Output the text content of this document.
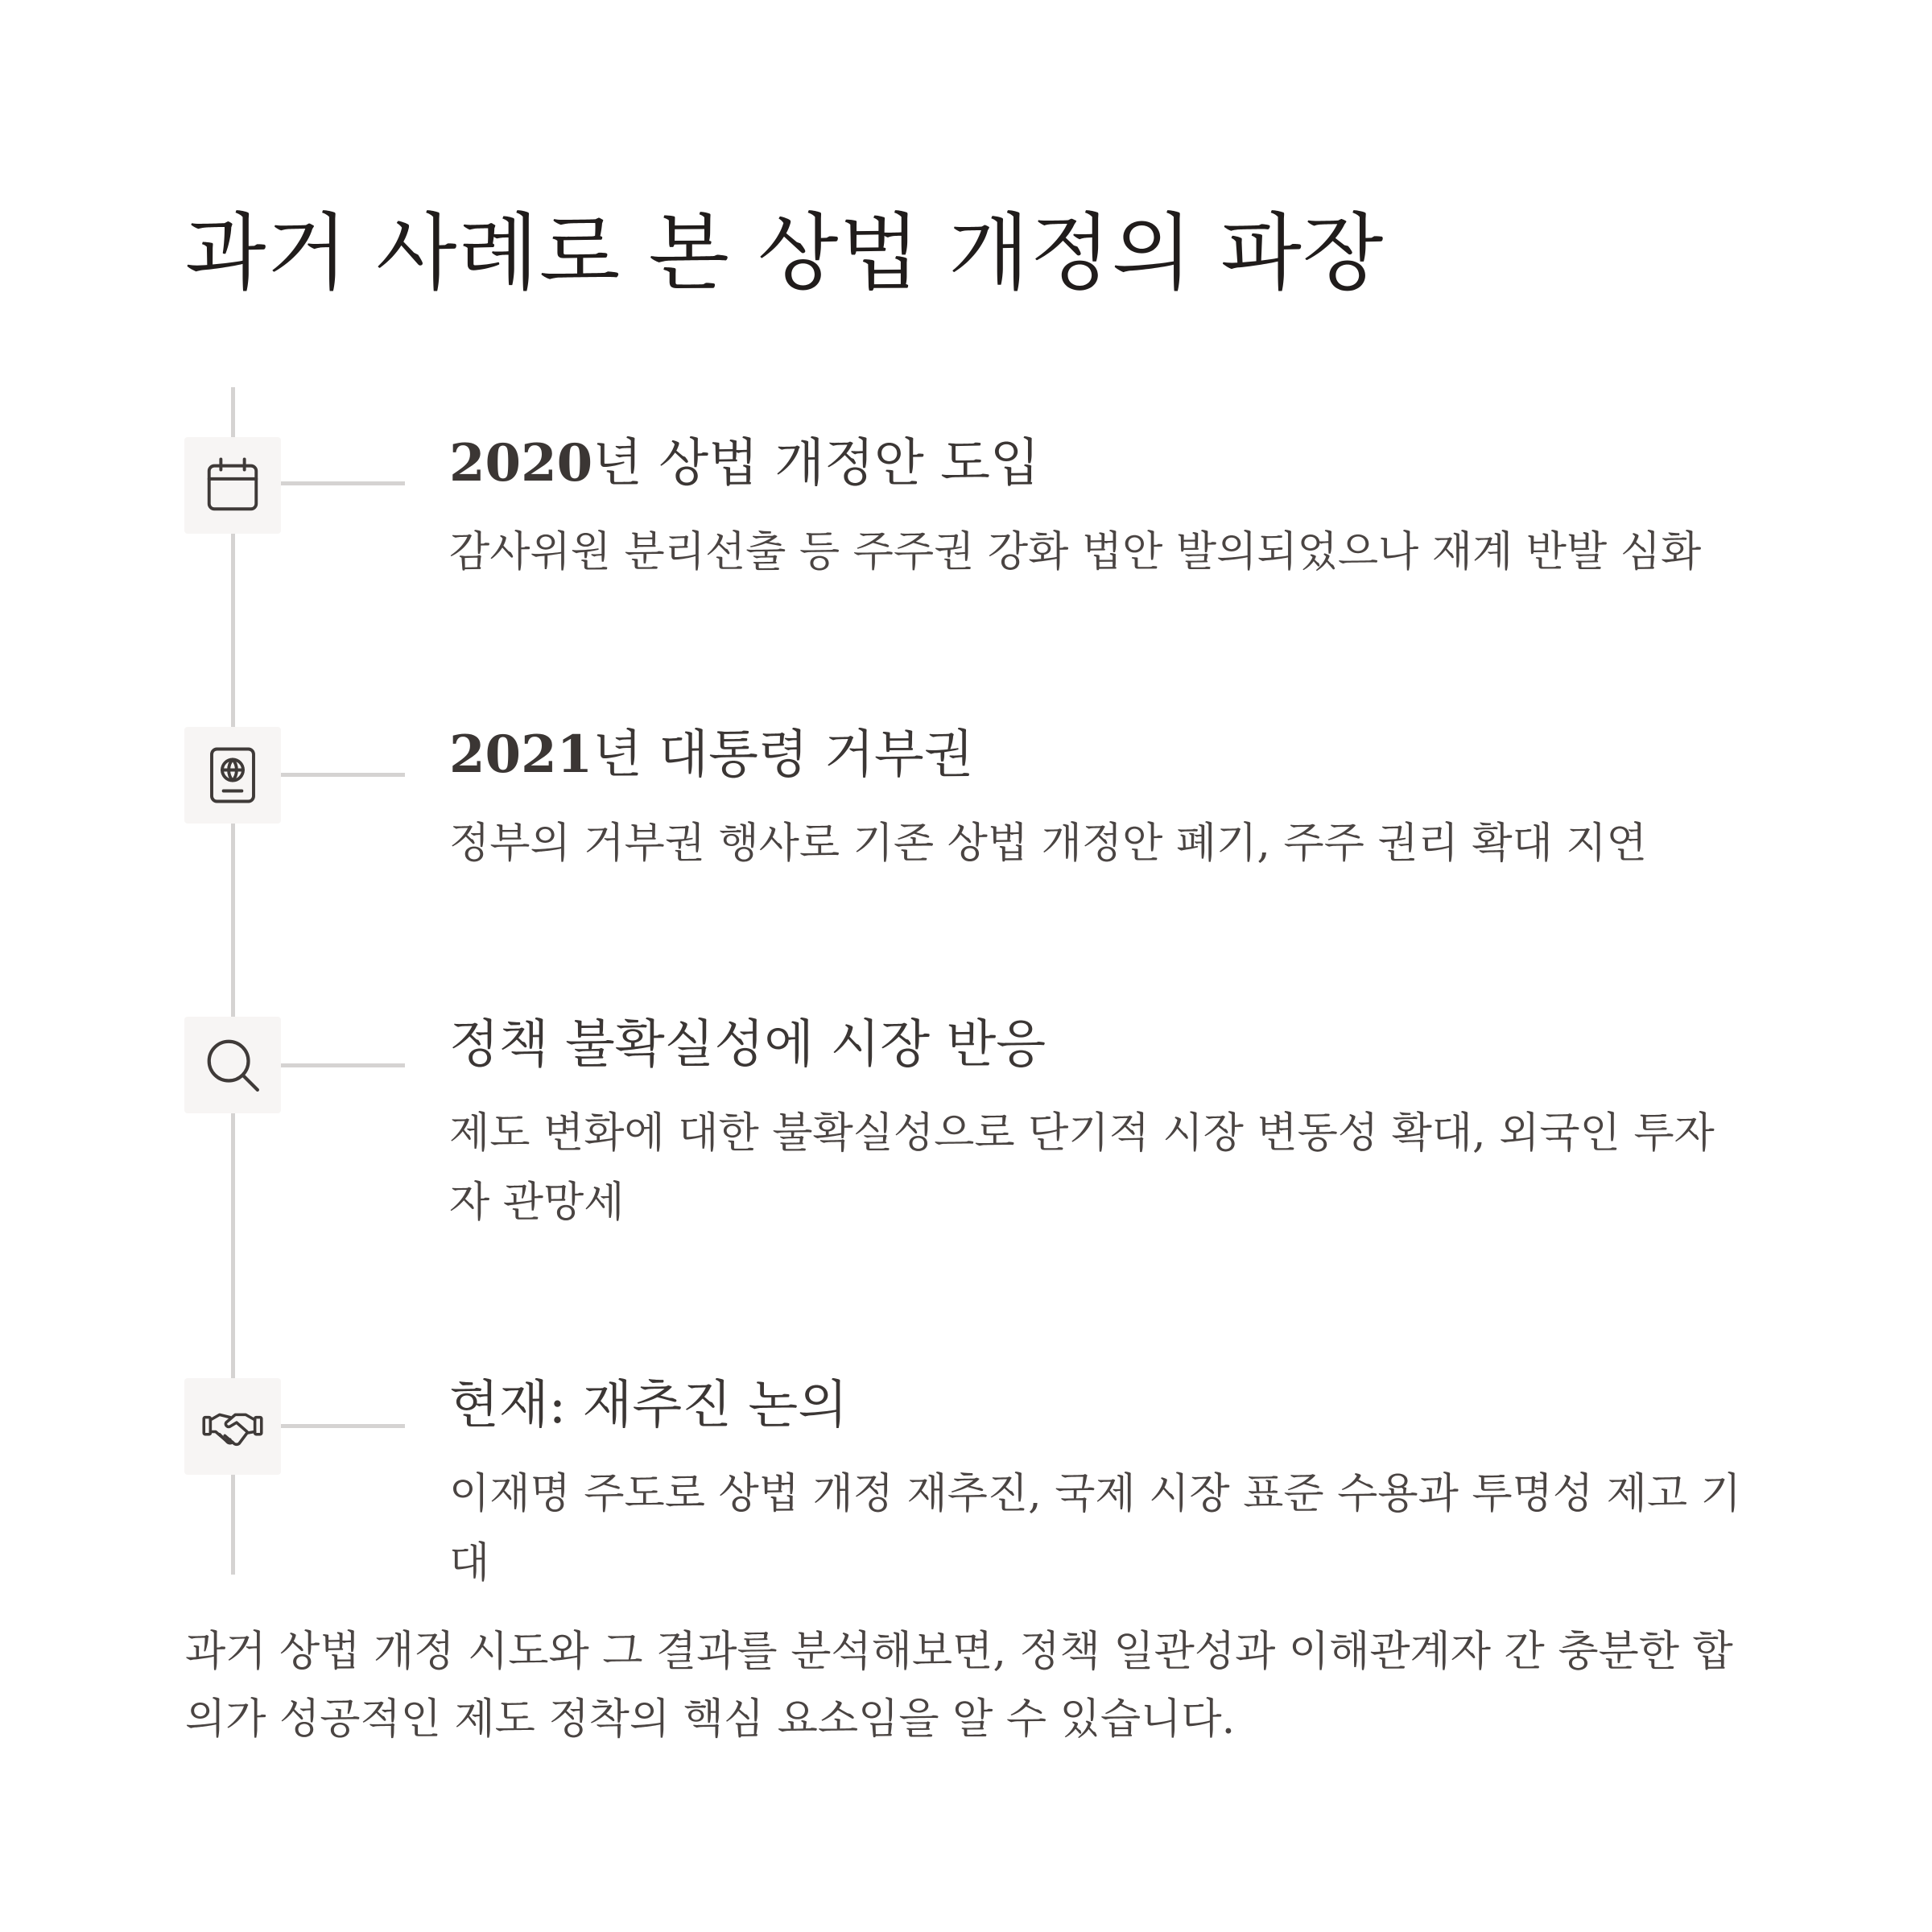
과거 사례로 본 상법 개정의 파장
2020년 상법 개정안 도입

감사위원 분리선출 등 주주권 강화 법안 발의되었으나 재계 반발 심화

2021년 대통령 거부권

정부의 거부권 행사로 기존 상법 개정안 폐기, 주주 권리 확대 지연

정책 불확실성에 시장 반응

제도 변화에 대한 불확실성으로 단기적 시장 변동성 확대, 외국인 투자자 관망세

현재: 재추진 논의

이재명 주도로 상법 개정 재추진, 국제 시장 표준 수용과 투명성 제고 기대

과거 상법 개정 시도와 그 결과를 분석해보면, 정책 일관성과 이해관계자 간 충분한 합의가 성공적인 제도 정착의 핵심 요소임을 알 수 있습니다.
